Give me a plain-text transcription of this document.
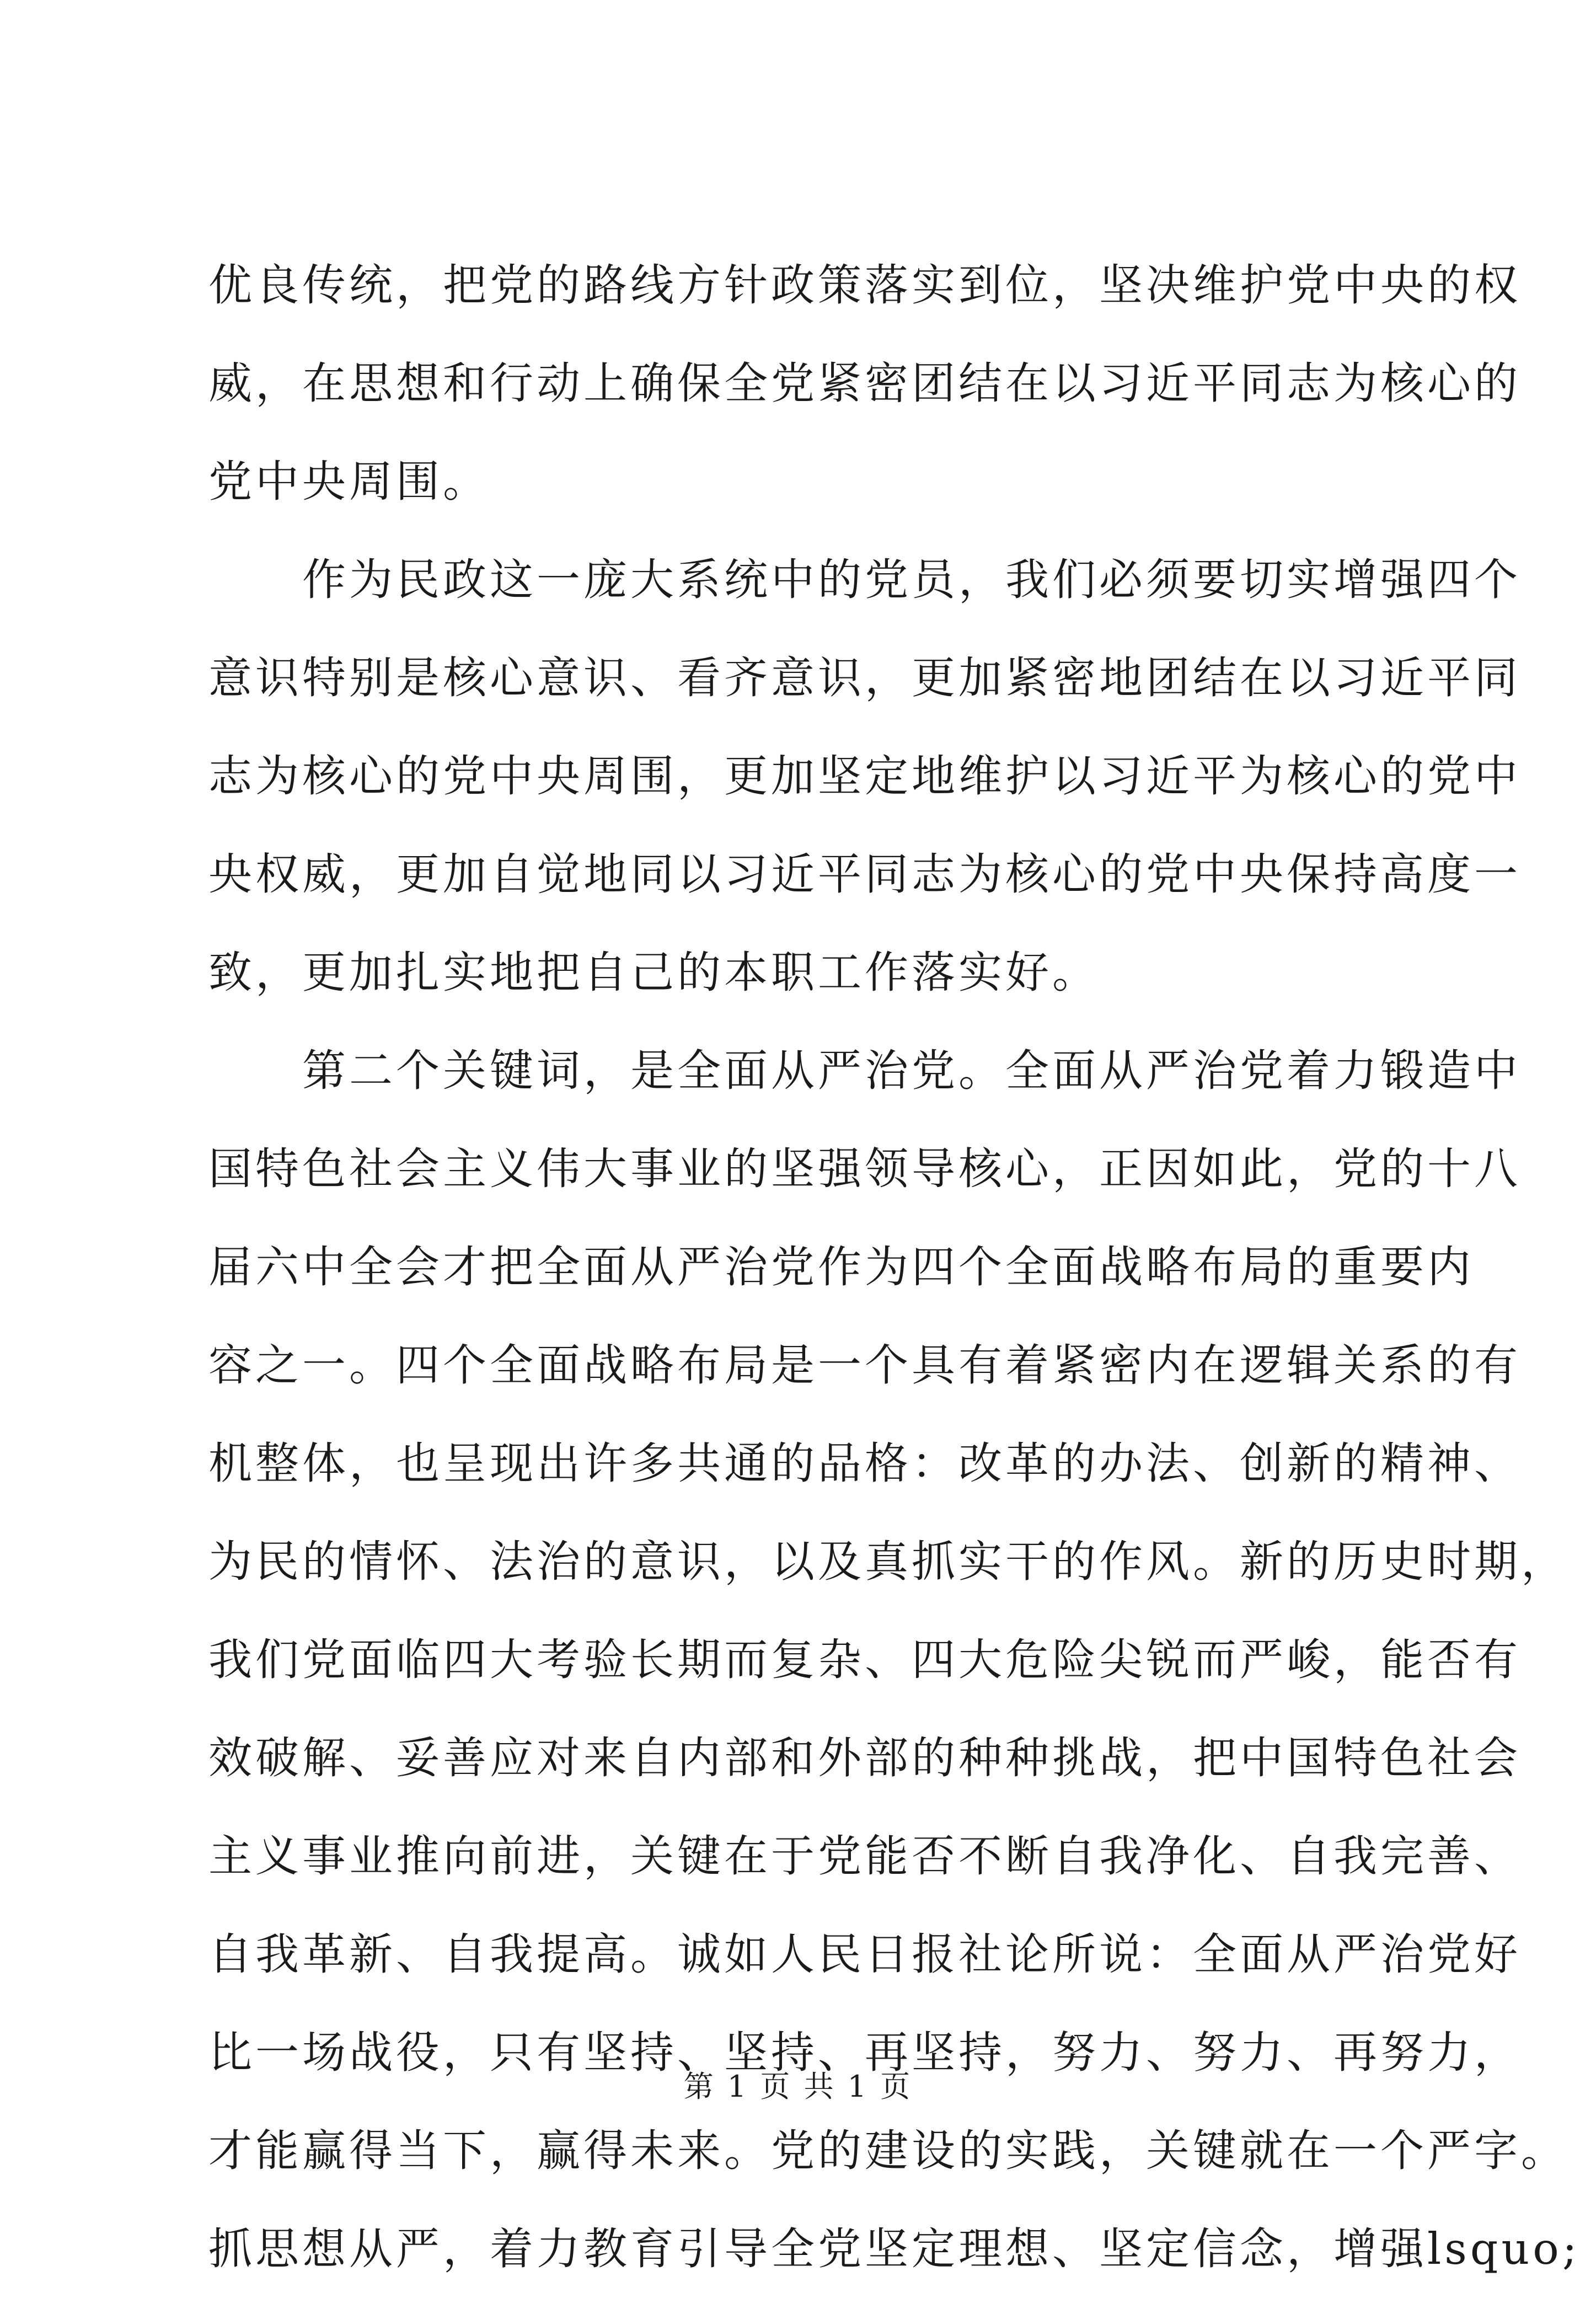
优良传统，把党的路线方针政策落实到位，坚决维护党中央的权
威，在思想和行动上确保全党紧密团结在以习近平同志为核心的
党中央周围。
作为民政这一庞大系统中的党员，我们必须要切实增强四个
意识特别是核心意识、看齐意识，更加紧密地团结在以习近平同
志为核心的党中央周围，更加坚定地维护以习近平为核心的党中
央权威，更加自觉地同以习近平同志为核心的党中央保持高度一
致，更加扎实地把自己的本职工作落实好。
第二个关键词，是全面从严治党。全面从严治党着力锻造中
国特色社会主义伟大事业的坚强领导核心，正因如此，党的十八
届六中全会才把全面从严治党作为四个全面战略布局的重要内
容之一。四个全面战略布局是一个具有着紧密内在逻辑关系的有
机整体，也呈现出许多共通的品格：改革的办法、创新的精神、
为民的情怀、法治的意识，以及真抓实干的作风。新的历史时期，
我们党面临四大考验长期而复杂、四大危险尖锐而严峻，能否有
效破解、妥善应对来自内部和外部的种种挑战，把中国特色社会
主义事业推向前进，关键在于党能否不断自我净化、自我完善、
自我革新、自我提高。诚如人民日报社论所说：全面从严治党好
比一场战役，只有坚持、坚持、再坚持，努力、努力、再努力，
才能赢得当下，赢得未来。党的建设的实践，关键就在一个严字。
抓思想从严，着力教育引导全党坚定理想、坚定信念，增强lsquo;
第 1 页 共 1 页
